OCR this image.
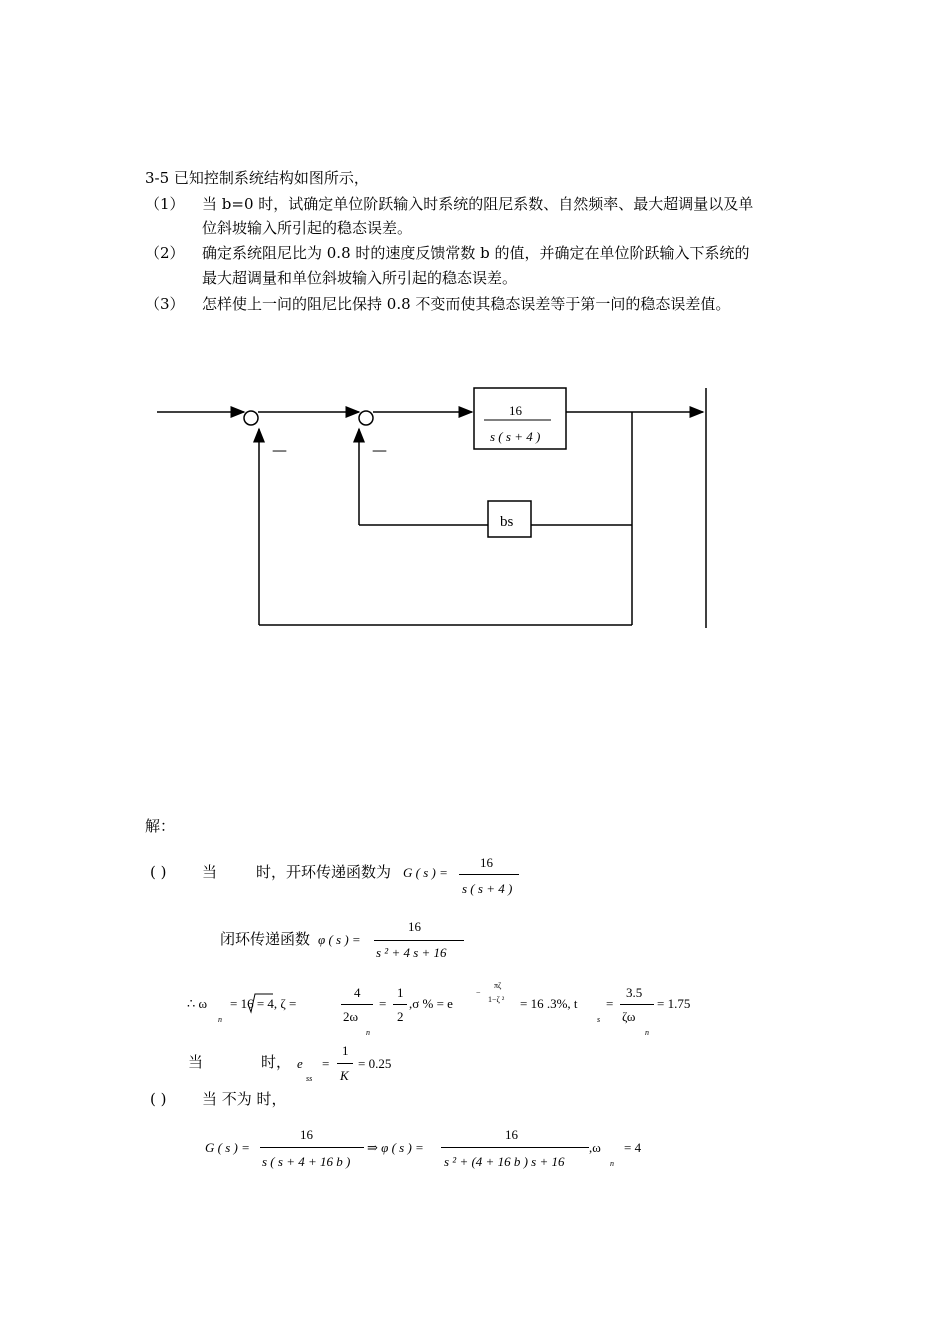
3-5 已知控制系统结构如图所示，
（1） 当 b=0 时，试确定单位阶跃输入时系统的阻尼系数、自然频率、最大超调量以及单
位斜坡输入所引起的稳态误差。
（2） 确定系统阻尼比为 0.8 时的速度反馈常数 b 的值，并确定在单位阶跃输入下系统的
最大超调量和单位斜坡输入所引起的稳态误差。
（3） 怎样使上一问的阻尼比保持 0.8 不变而使其稳态误差等于第一问的稳态误差值。
16
s ( s + 4 )
bs
—	—
解：
( ) 当	时，开环传递函数为 G ( s ) =
16
s ( s + 4 )
闭环传递函数 φ ( s ) =
16
s ² + 4 s + 16
∴ ω
n
= 16 = 4, ζ =
4
2ω
n
=
1
2
,σ % = e
−
πζ
1−ζ ² = 16 .3%, t
s
=
3.5
ζω
n
= 1.75
当	时， e
ss
=
1
K
= 0.25
( ) 当 不为 时，
G ( s ) =
16
s ( s + 4 + 16 b )
⇒ φ ( s ) =
16
s ² + (4 + 16 b ) s + 16
,ω
n
= 4
